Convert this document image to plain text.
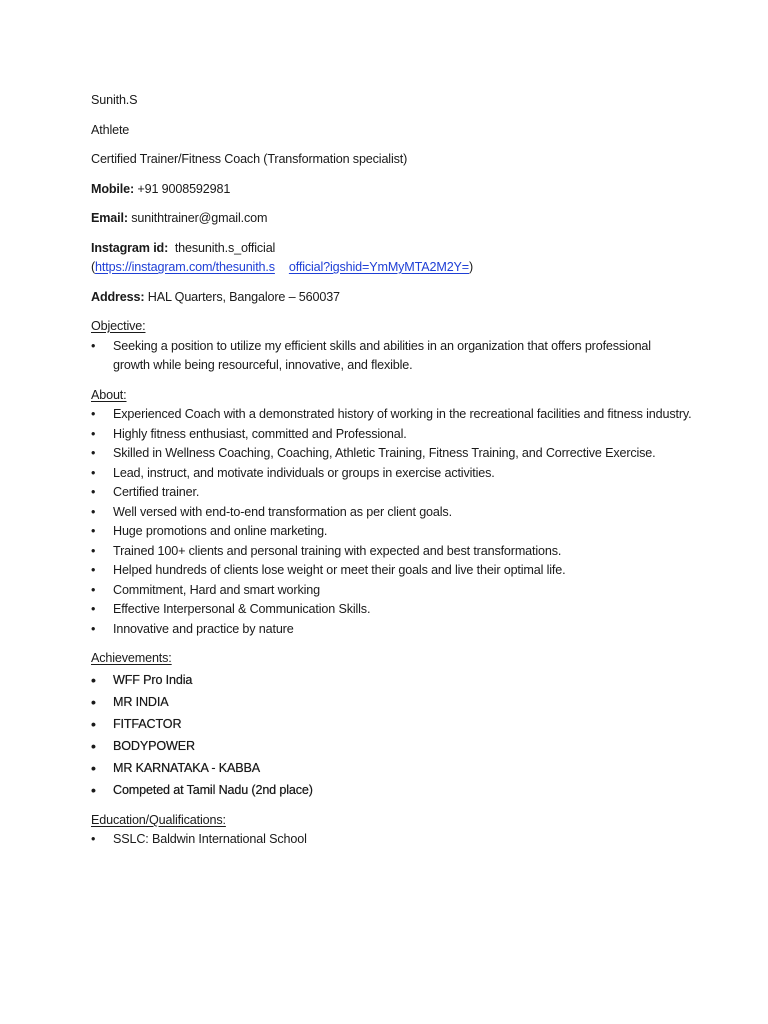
Sunith.S

Athlete

Certified Trainer/Fitness Coach (Transformation specialist)

Mobile: +91 9008592981

Email: sunithtrainer@gmail.com

Instagram id: thesunith.s_official

(https://instagram.com/thesunith.s official?igshid=YmMyMTA2M2Y=)

Address: HAL Quarters, Bangalore – 560037

Objective:

•	Seeking a position to utilize my efficient skills and abilities in an organization that offers professional growth while being resourceful, innovative, and flexible.

About:

•	Experienced Coach with a demonstrated history of working in the recreational facilities and fitness industry.
•	Highly fitness enthusiast, committed and Professional.
•	Skilled in Wellness Coaching, Coaching, Athletic Training, Fitness Training, and Corrective Exercise.
•	Lead, instruct, and motivate individuals or groups in exercise activities.
•	Certified trainer.
•	Well versed with end-to-end transformation as per client goals.
•	Huge promotions and online marketing.
•	Trained 100+ clients and personal training with expected and best transformations.
•	Helped hundreds of clients lose weight or meet their goals and live their optimal life.
•	Commitment, Hard and smart working
•	Effective Interpersonal & Communication Skills.
•	Innovative and practice by nature

Achievements:

•	WFF Pro India
•	MR INDIA
•	FITFACTOR
•	BODYPOWER
•	MR KARNATAKA - KABBA
•	Competed at Tamil Nadu (2nd place)

Education/Qualifications:

•	SSLC: Baldwin International School
